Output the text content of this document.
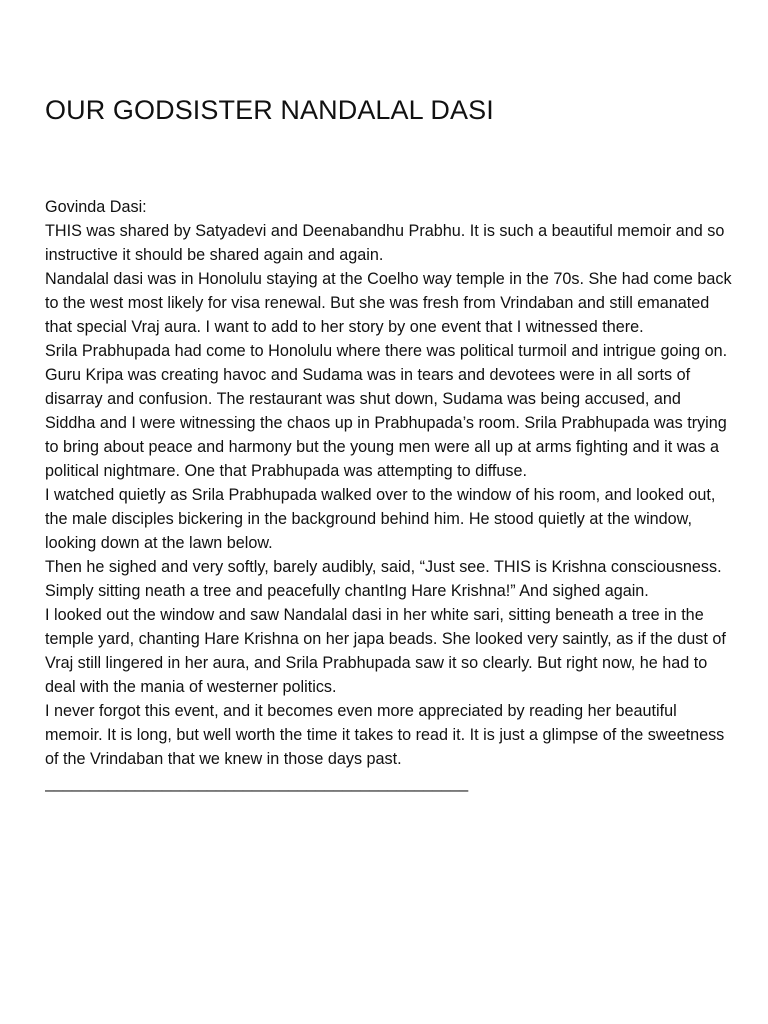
OUR GODSISTER NANDALAL DASI

Govinda Dasi:

THIS was shared by Satyadevi and Deenabandhu Prabhu. It is such a beautiful memoir and so instructive it should be shared again and again.

Nandalal dasi was in Honolulu staying at the Coelho way temple in the 70s. She had come back to the west most likely for visa renewal. But she was fresh from Vrindaban and still emanated that special Vraj aura. I want to add to her story by one event that I witnessed there.

Srila Prabhupada had come to Honolulu where there was political turmoil and intrigue going on. Guru Kripa was creating havoc and Sudama was in tears and devotees were in all sorts of disarray and confusion. The restaurant was shut down, Sudama was being accused, and Siddha and I were witnessing the chaos up in Prabhupada’s room. Srila Prabhupada was trying to bring about peace and harmony but the young men were all up at arms fighting and it was a political nightmare. One that Prabhupada was attempting to diffuse.

I watched quietly as Srila Prabhupada walked over to the window of his room, and looked out, the male disciples bickering in the background behind him. He stood quietly at the window, looking down at the lawn below.

Then he sighed and very softly, barely audibly, said, “Just see. THIS is Krishna consciousness. Simply sitting neath a tree and peacefully chantIng Hare Krishna!” And sighed again.

I looked out the window and saw Nandalal dasi in her white sari, sitting beneath a tree in the temple yard, chanting Hare Krishna on her japa beads. She looked very saintly, as if the dust of Vraj still lingered in her aura, and Srila Prabhupada saw it so clearly. But right now, he had to deal with the mania of westerner politics.

I never forgot this event, and it becomes even more appreciated by reading her beautiful memoir. It is long, but well worth the time it takes to read it. It is just a glimpse of the sweetness of the Vrindaban that we knew in those days past.

_______________________________________________
